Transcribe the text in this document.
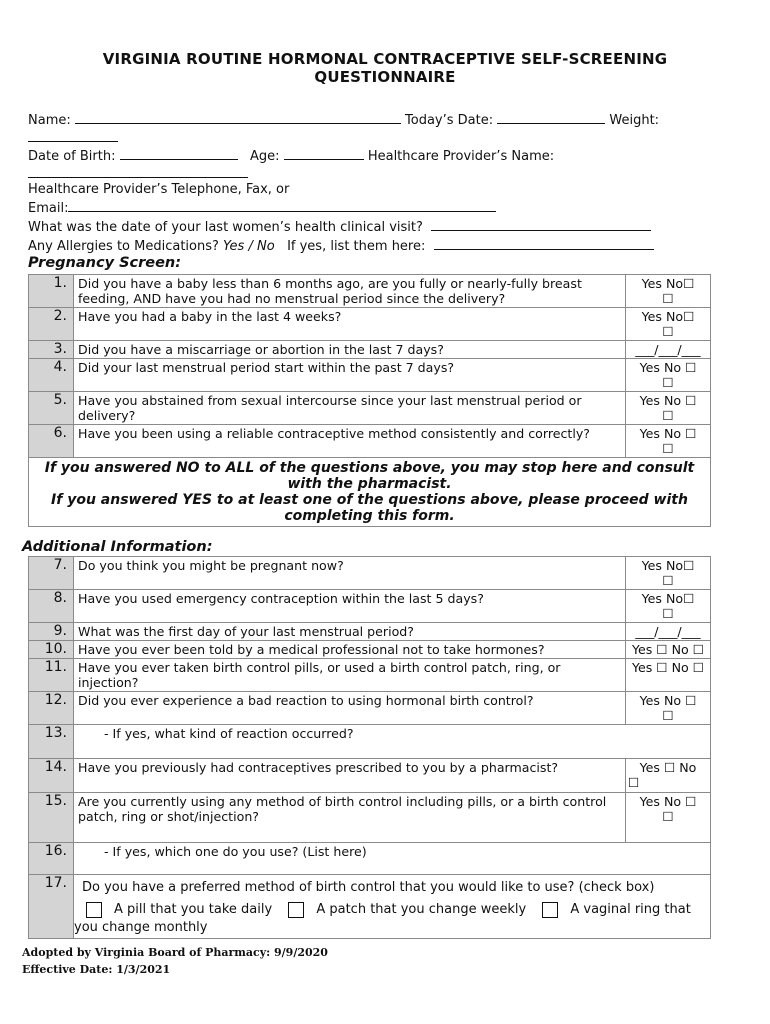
VIRGINIA ROUTINE HORMONAL CONTRACEPTIVE SELF-SCREENING QUESTIONNAIRE
Name:	Today’s Date:	Weight:
Date of Birth:	Age:	Healthcare Provider’s Name:
Healthcare Provider’s Telephone, Fax, or
Email:
What was the date of your last women’s health clinical visit?
Any Allergies to Medications? Yes / No If yes, list them here:
Pregnancy Screen:
1.	Did you have a baby less than 6 months ago, are you fully or nearly-fully breast feeding, AND have you had no menstrual period since the delivery?	Yes No☐
☐

2.	Have you had a baby in the last 4 weeks?	Yes No☐
☐

3.	Did you have a miscarriage or abortion in the last 7 days?	___/___/___

4.	Did your last menstrual period start within the past 7 days?	Yes No ☐
☐

5.	Have you abstained from sexual intercourse since your last menstrual period or delivery?	Yes No ☐
☐

6.	Have you been using a reliable contraceptive method consistently and correctly?	Yes No ☐
☐

If you answered NO to ALL of the questions above, you may stop here and consult with the pharmacist.
If you answered YES to at least one of the questions above, please proceed with completing this form.		
Additional Information:
7.	Do you think you might be pregnant now?	Yes No☐
☐

8.	Have you used emergency contraception within the last 5 days?	Yes No☐
☐

9.	What was the first day of your last menstrual period?	___/___/___

10.	Have you ever been told by a medical professional not to take hormones?	Yes ☐ No ☐

11.	Have you ever taken birth control pills, or used a birth control patch, ring, or injection?	Yes ☐ No ☐

12.	Did you ever experience a bad reaction to using hormonal birth control?	Yes No ☐
☐

13.	- If yes, what kind of reaction occurred?	
14.	Have you previously had contraceptives prescribed to you by a pharmacist?	Yes ☐ No
☐

15.	Are you currently using any method of birth control including pills, or a birth control patch, ring or shot/injection?	Yes No ☐
☐

16.	- If yes, which one do you use? (List here)	
17.	Do you have a preferred method of birth control that you would like to use? (check box)
A pill that you take daily A patch that you change weekly A vaginal ring that you change monthly	
Adopted by Virginia Board of Pharmacy: 9/9/2020
Effective Date: 1/3/2021
